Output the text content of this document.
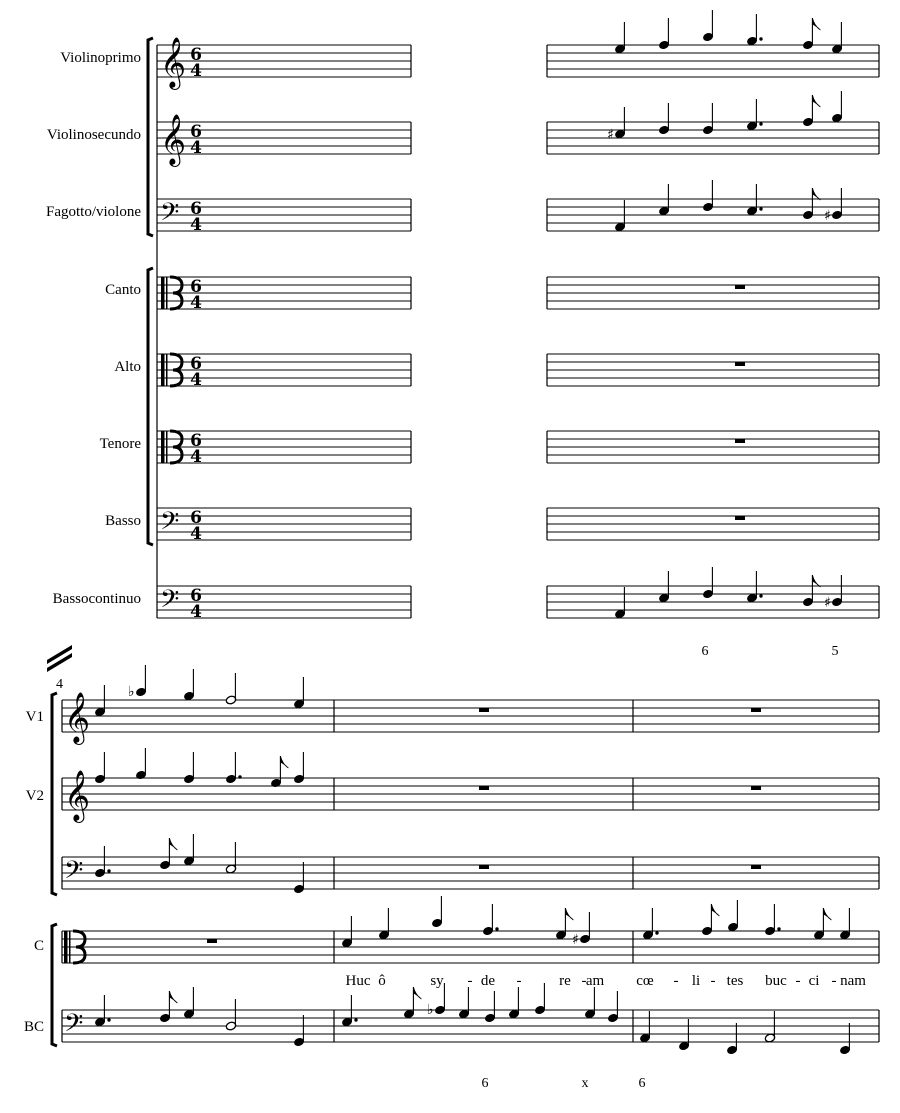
Violinoprimo 𝄞 6
4
Violinosecundo 𝄞 6
4
Fagotto/violone 𝄢 6
4
Canto	6
4
Alto	6
4
Tenore	6
4
Basso 𝄢 6
4
Bassocontinuo 𝄢 6
4
♯
♯
♯
6	5
4
V1 𝄞
V2 𝄞
𝄢
C
BC 𝄢
♭
♯
Huc ô	sy - de -	re - am cœ - li - tes buc - ci - nam
♭
6	x	6
